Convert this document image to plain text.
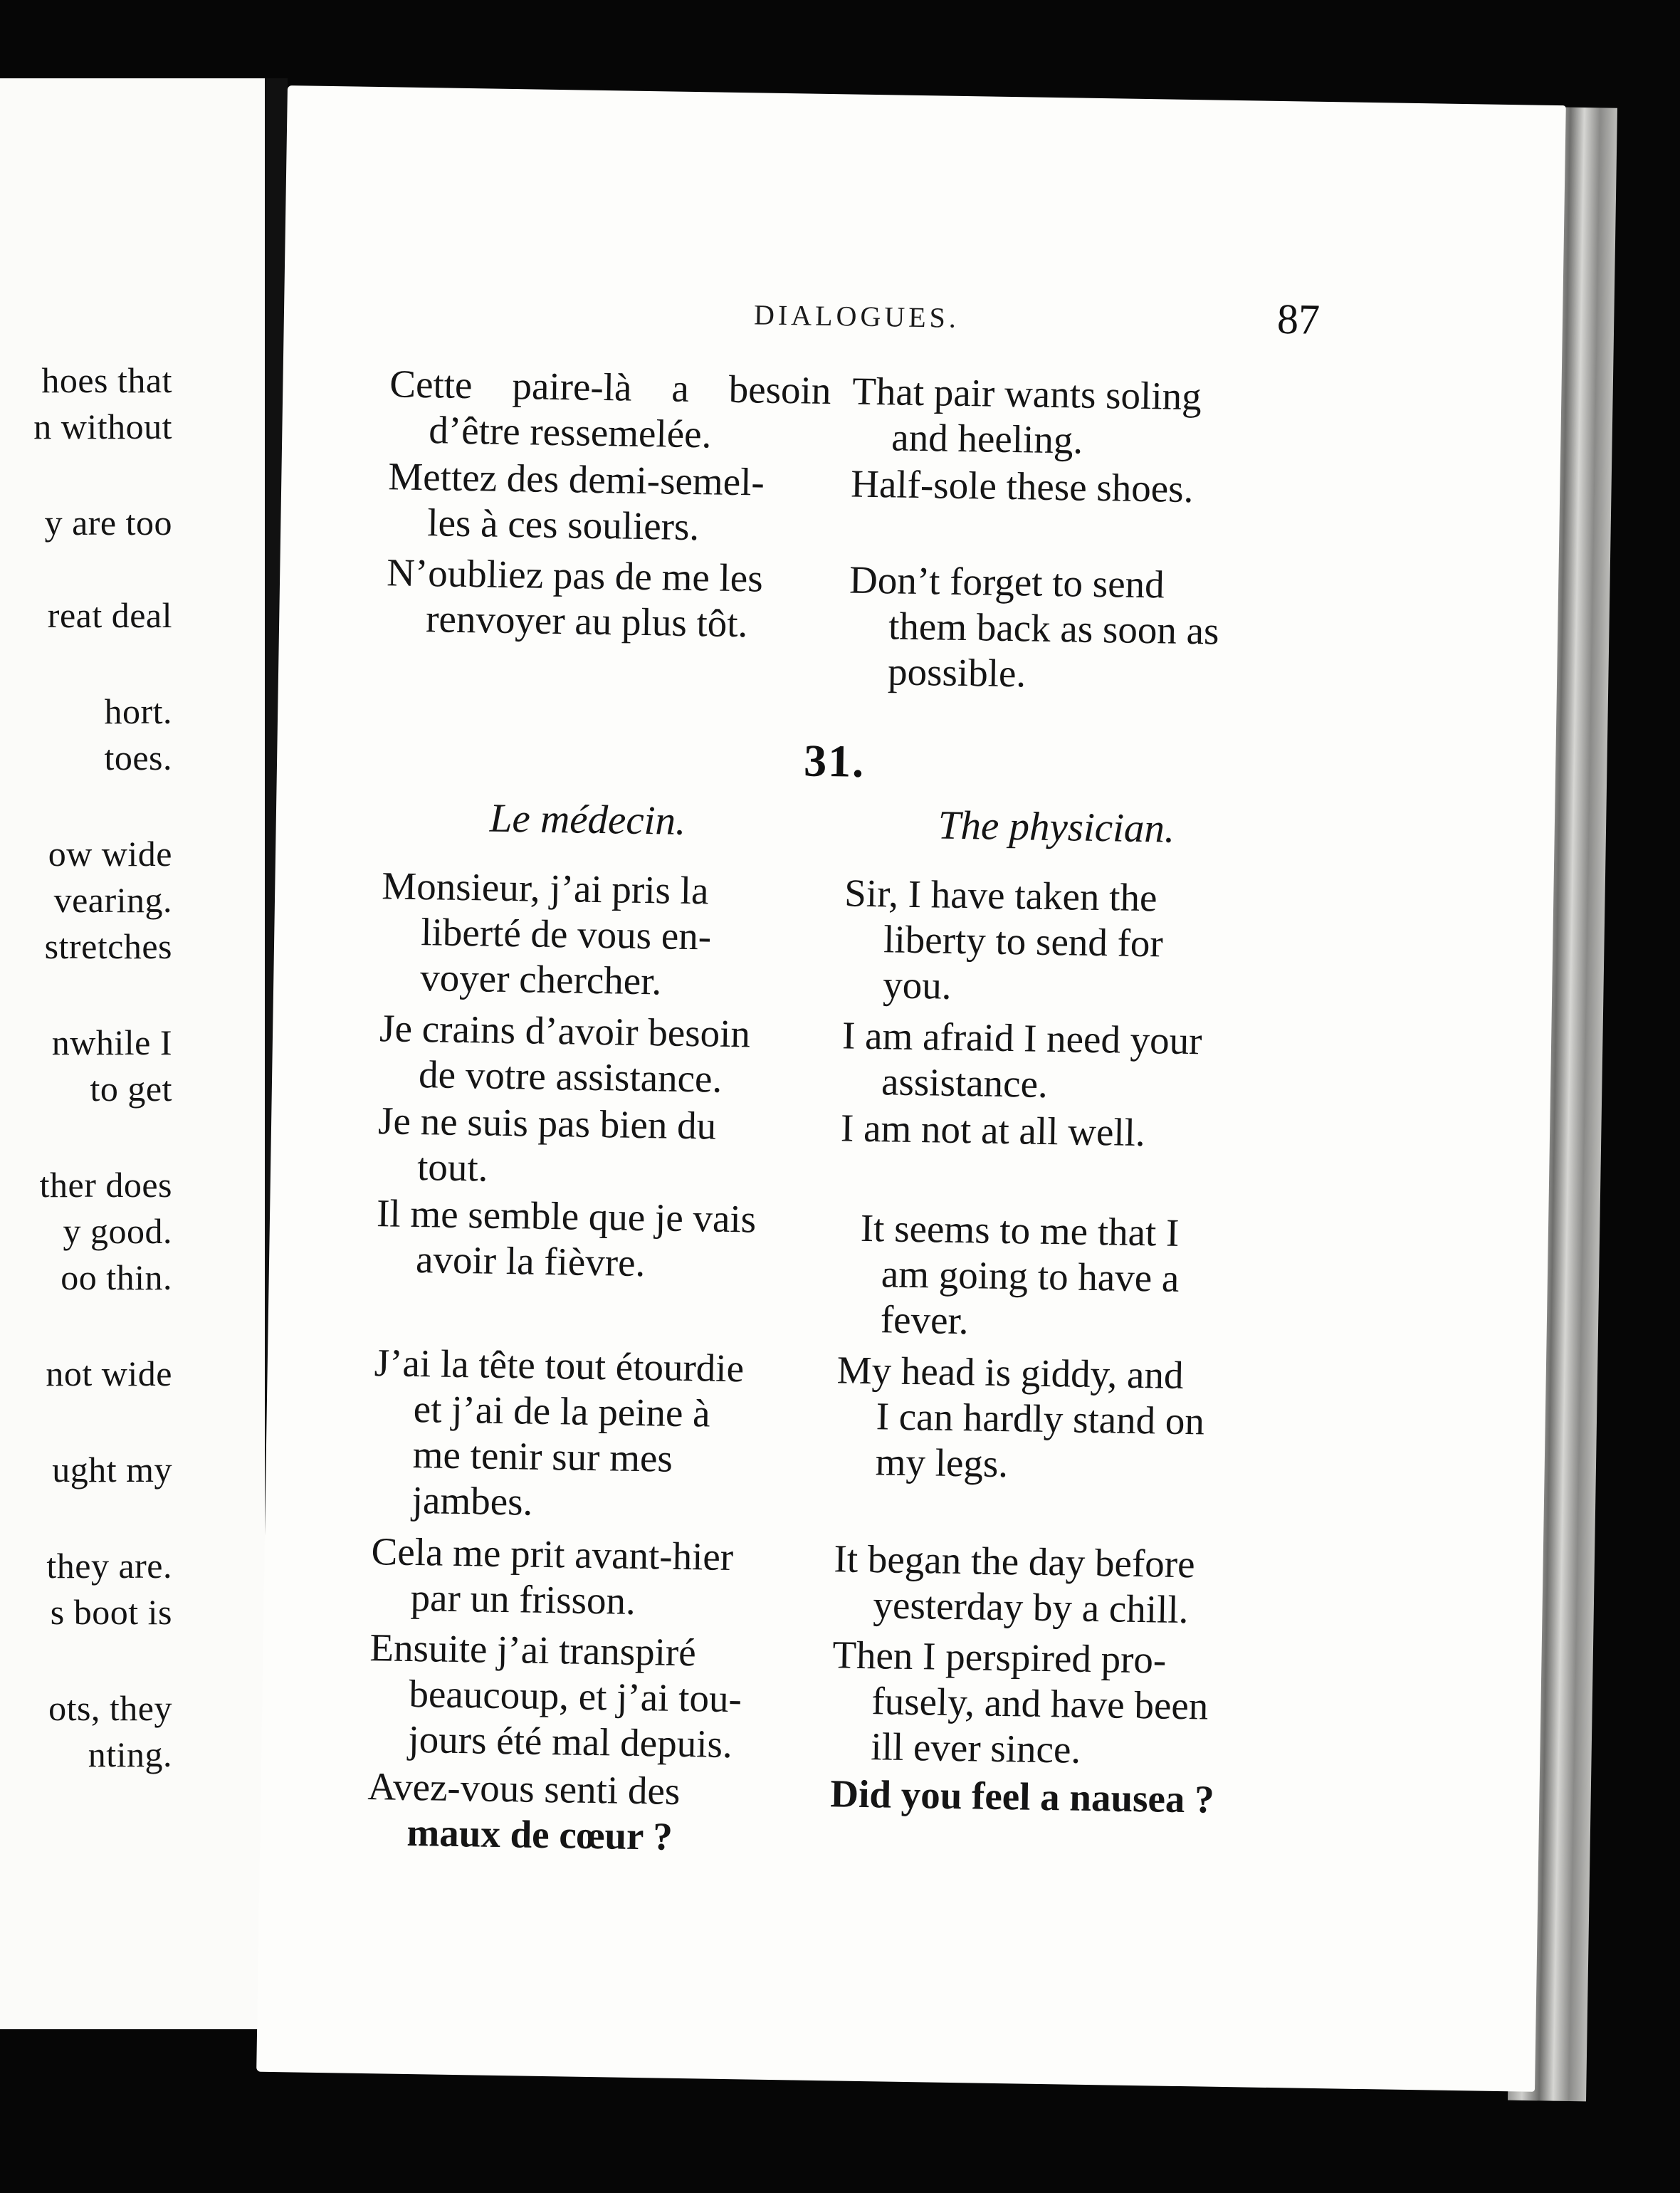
hoes that
n without
y are too
reat deal
hort.
toes.
ow wide
vearing.
stretches
nwhile I
to get
ther does
y good.
oo thin.
not wide
ught my
they are.
s boot is
ots, they
nting.
DIALOGUES.	87
Cette paire-là a besoin
d’être ressemelée.
That pair wants soling
and heeling.
Mettez des demi-semel-
les à ces souliers.
Half-sole these shoes.
N’oubliez pas de me les
renvoyer au plus tôt.
Don’t forget to send
them back as soon as
possible.
31.
Le médecin.	The physician.
Monsieur, j’ai pris la
liberté de vous en-
voyer chercher.
Sir, I have taken the
liberty to send for
you.
Je crains d’avoir besoin
de votre assistance.
I am afraid I need your
assistance.
Je ne suis pas bien du
tout.
I am not at all well.
Il me semble que je vais
avoir la fièvre.
It seems to me that I
am going to have a
fever.
J’ai la tête tout étourdie
et j’ai de la peine à
me tenir sur mes
jambes.
My head is giddy, and
I can hardly stand on
my legs.
Cela me prit avant-hier
par un frisson.
It began the day before
yesterday by a chill.
Ensuite j’ai transpiré
beaucoup, et j’ai tou-
jours été mal depuis.
Then I perspired pro-
fusely, and have been
ill ever since.
Avez-vous senti des
maux de cœur ?
Did you feel a nausea ?
